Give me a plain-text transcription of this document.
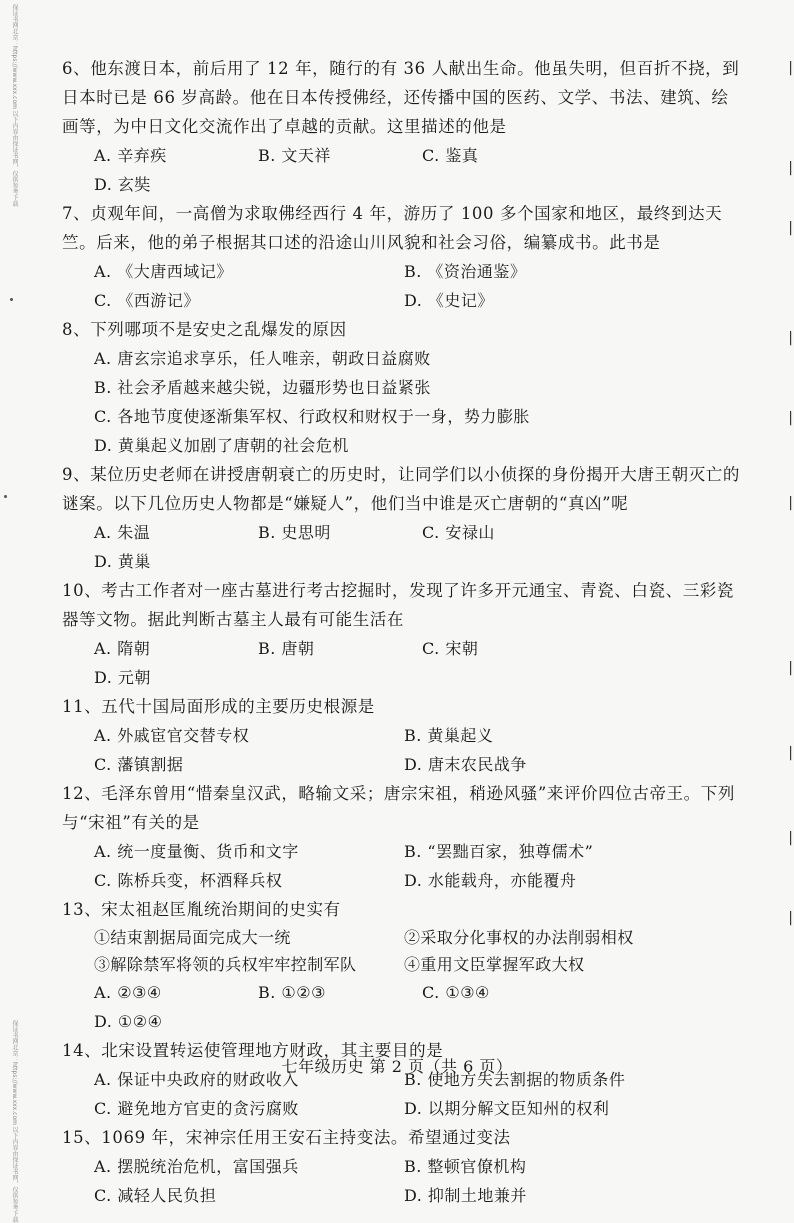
保证书网北京：https://www.xxx.com 以下内容由保证书网，仅供参考下载
保证书网北京：https://www.xxx.com 以下内容由保证书网，仅供参考下载

6、他东渡日本，前后用了 12 年，随行的有 36 人献出生命。他虽失明，但百折不挠，到日本时已是 66 岁高龄。他在日本传授佛经，还传播中国的医药、文学、书法、建筑、绘画等，为中日文化交流作出了卓越的贡献。这里描述的他是

A. 辛弃疾	B. 文天祥	C. 鉴真
D. 玄奘

7、贞观年间，一高僧为求取佛经西行 4 年，游历了 100 多个国家和地区，最终到达天竺。后来，他的弟子根据其口述的沿途山川风貌和社会习俗，编纂成书。此书是

A. 《大唐西域记》	B. 《资治通鉴》
C. 《西游记》	D. 《史记》

8、下列哪项不是安史之乱爆发的原因

A. 唐玄宗追求享乐，任人唯亲，朝政日益腐败
B. 社会矛盾越来越尖锐，边疆形势也日益紧张
C. 各地节度使逐渐集军权、行政权和财权于一身，势力膨胀
D. 黄巢起义加剧了唐朝的社会危机

9、某位历史老师在讲授唐朝衰亡的历史时，让同学们以小侦探的身份揭开大唐王朝灭亡的谜案。以下几位历史人物都是“嫌疑人”，他们当中谁是灭亡唐朝的“真凶”呢

A. 朱温	B. 史思明	C. 安禄山
D. 黄巢

10、考古工作者对一座古墓进行考古挖掘时，发现了许多开元通宝、青瓷、白瓷、三彩瓷器等文物。据此判断古墓主人最有可能生活在

A. 隋朝	B. 唐朝	C. 宋朝
D. 元朝

11、五代十国局面形成的主要历史根源是

A. 外戚宦官交替专权	B. 黄巢起义
C. 藩镇割据	D. 唐末农民战争

12、毛泽东曾用“惜秦皇汉武，略输文采；唐宗宋祖，稍逊风骚”来评价四位古帝王。下列与“宋祖”有关的是

A. 统一度量衡、货币和文字	B. “罢黜百家，独尊儒术”
C. 陈桥兵变，杯酒释兵权	D. 水能载舟，亦能覆舟

13、宋太祖赵匡胤统治期间的史实有

①结束割据局面完成大一统	②采取分化事权的办法削弱相权
③解除禁军将领的兵权牢牢控制军队	④重用文臣掌握军政大权
A. ②③④	B. ①②③	C. ①③④
D. ①②④

14、北宋设置转运使管理地方财政，其主要目的是

A. 保证中央政府的财政收入	B. 使地方失去割据的物质条件
C. 避免地方官吏的贪污腐败	D. 以期分解文臣知州的权利

15、1069 年，宋神宗任用王安石主持变法。希望通过变法

A. 摆脱统治危机，富国强兵	B. 整顿官僚机构
C. 减轻人民负担	D. 抑制土地兼并
七年级历史 第 2 页（共 6 页）
|
|
|
|
|
|
|
|
|
|
